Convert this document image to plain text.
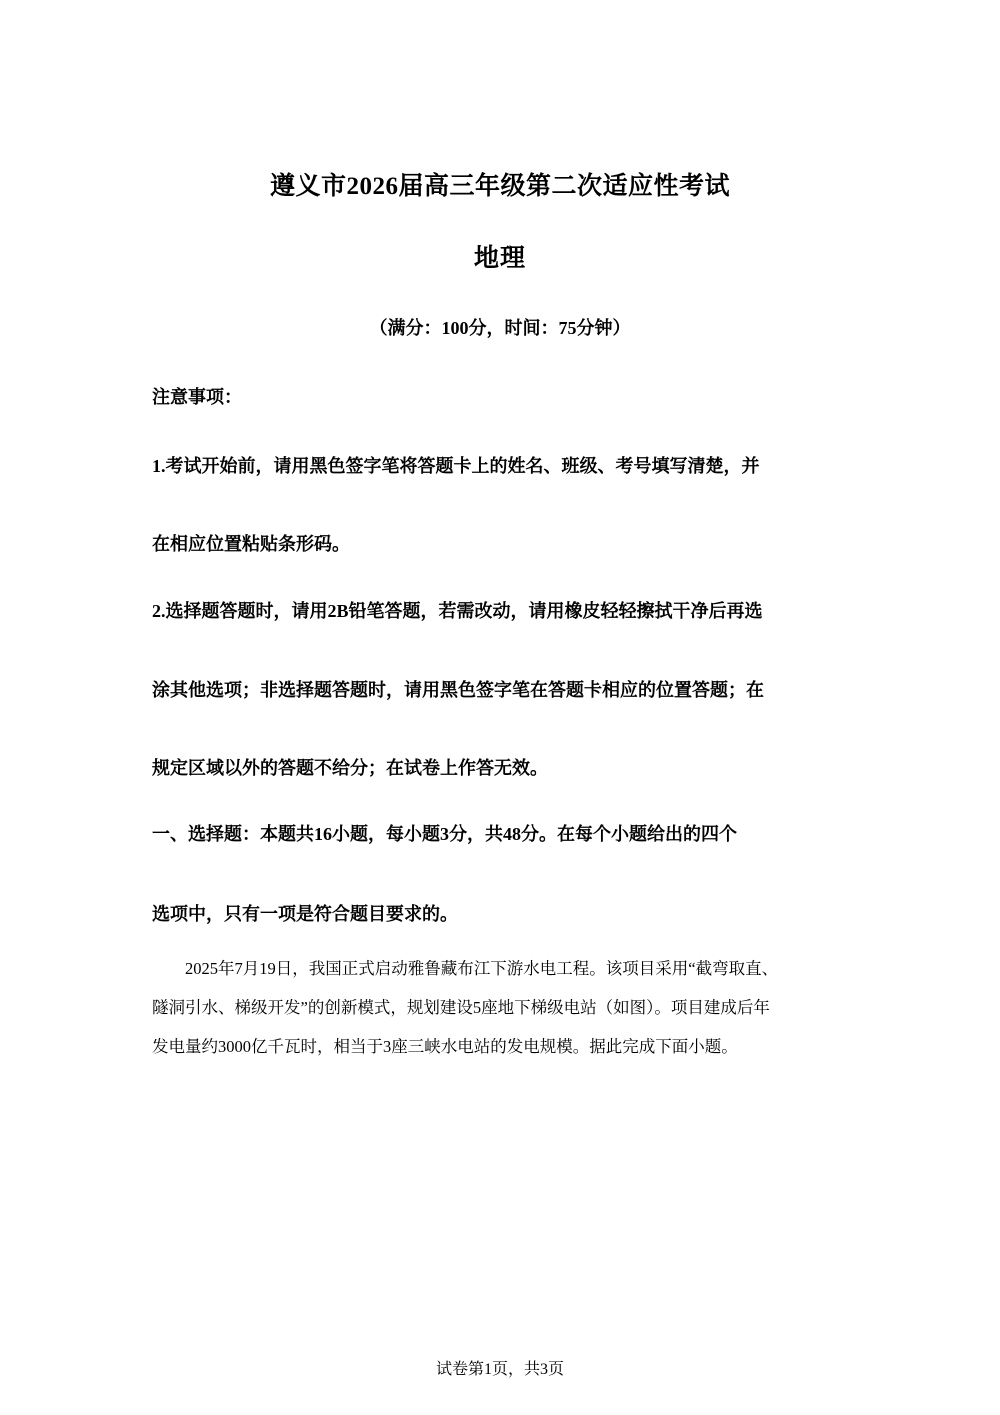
遵义市2026届高三年级第二次适应性考试
地理
（满分：100分，时间：75分钟）
注意事项：
1.考试开始前，请用黑色签字笔将答题卡上的姓名、班级、考号填写清楚，并
在相应位置粘贴条形码。
2.选择题答题时，请用2B铅笔答题，若需改动，请用橡皮轻轻擦拭干净后再选
涂其他选项；非选择题答题时，请用黑色签字笔在答题卡相应的位置答题；在
规定区域以外的答题不给分；在试卷上作答无效。
一、选择题：本题共16小题，每小题3分，共48分。在每个小题给出的四个
选项中，只有一项是符合题目要求的。
　　2025年7月19日，我国正式启动雅鲁藏布江下游水电工程。该项目采用“截弯取直、
隧洞引水、梯级开发”的创新模式，规划建设5座地下梯级电站（如图）。项目建成后年
发电量约3000亿千瓦时，相当于3座三峡水电站的发电规模。据此完成下面小题。
试卷第1页，共3页
